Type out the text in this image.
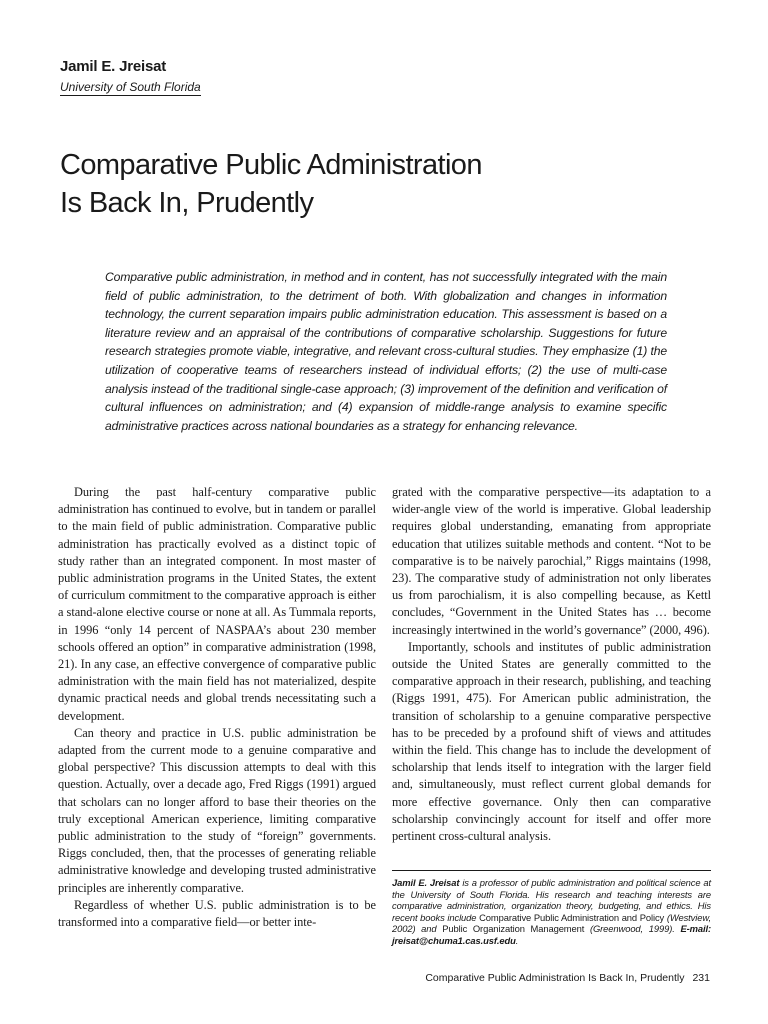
Jamil E. Jreisat
University of South Florida
Comparative Public Administration
Is Back In, Prudently

Comparative public administration, in method and in content, has not successfully integrated with the main field of public administration, to the detriment of both. With globalization and changes in information technology, the current separation impairs public administration education. This assessment is based on a literature review and an appraisal of the contributions of comparative scholarship. Suggestions for future research strategies promote viable, integrative, and relevant cross-cultural studies. They emphasize (1) the utilization of cooperative teams of researchers instead of individual efforts; (2) the use of multi-case analysis instead of the traditional single-case approach; (3) improvement of the definition and verification of cultural influences on administration; and (4) expansion of middle-range analysis to examine specific administrative practices across national boundaries as a strategy for enhancing relevance.

During the past half-century comparative public administration has continued to evolve, but in tandem or parallel to the main field of public administration. Comparative public administration has practically evolved as a distinct topic of study rather than an integrated component. In most master of public administration programs in the United States, the extent of curriculum commitment to the comparative approach is either a stand-alone elective course or none at all. As Tummala reports, in 1996 “only 14 percent of NASPAA’s about 230 member schools offered an option” in comparative administration (1998, 21). In any case, an effective convergence of comparative public administration with the main field has not materialized, despite dynamic practical needs and global trends necessitating such a development.

Can theory and practice in U.S. public administration be adapted from the current mode to a genuine comparative and global perspective? This discussion attempts to deal with this question. Actually, over a decade ago, Fred Riggs (1991) argued that scholars can no longer afford to base their theories on the truly exceptional American experience, limiting comparative public administration to the study of “foreign” governments. Riggs concluded, then, that the processes of generating reliable administrative knowledge and developing trusted administrative principles are inherently comparative.

Regardless of whether U.S. public administration is to be transformed into a comparative field—or better inte-

grated with the comparative perspective—its adaptation to a wider-angle view of the world is imperative. Global leadership requires global understanding, emanating from appropriate education that utilizes suitable methods and content. “Not to be comparative is to be naively parochial,” Riggs maintains (1998, 23). The comparative study of administration not only liberates us from parochialism, it is also compelling because, as Kettl concludes, “Government in the United States has … become increasingly intertwined in the world’s governance” (2000, 496).

Importantly, schools and institutes of public administration outside the United States are generally committed to the comparative approach in their research, publishing, and teaching (Riggs 1991, 475). For American public administration, the transition of scholarship to a genuine comparative perspective has to be preceded by a profound shift of views and attitudes within the field. This change has to include the development of scholarship that lends itself to integration with the larger field and, simultaneously, must reflect current global demands for more effective governance. Only then can comparative scholarship convincingly account for itself and offer more pertinent cross-cultural analysis.

Jamil E. Jreisat is a professor of public administration and political science at the University of South Florida. His research and teaching interests are comparative administration, organization theory, budgeting, and ethics. His recent books include Comparative Public Administration and Policy (Westview, 2002) and Public Organization Management (Greenwood, 1999). E-mail: jreisat@chuma1.cas.usf.edu.
Comparative Public Administration Is Back In, Prudently 231
